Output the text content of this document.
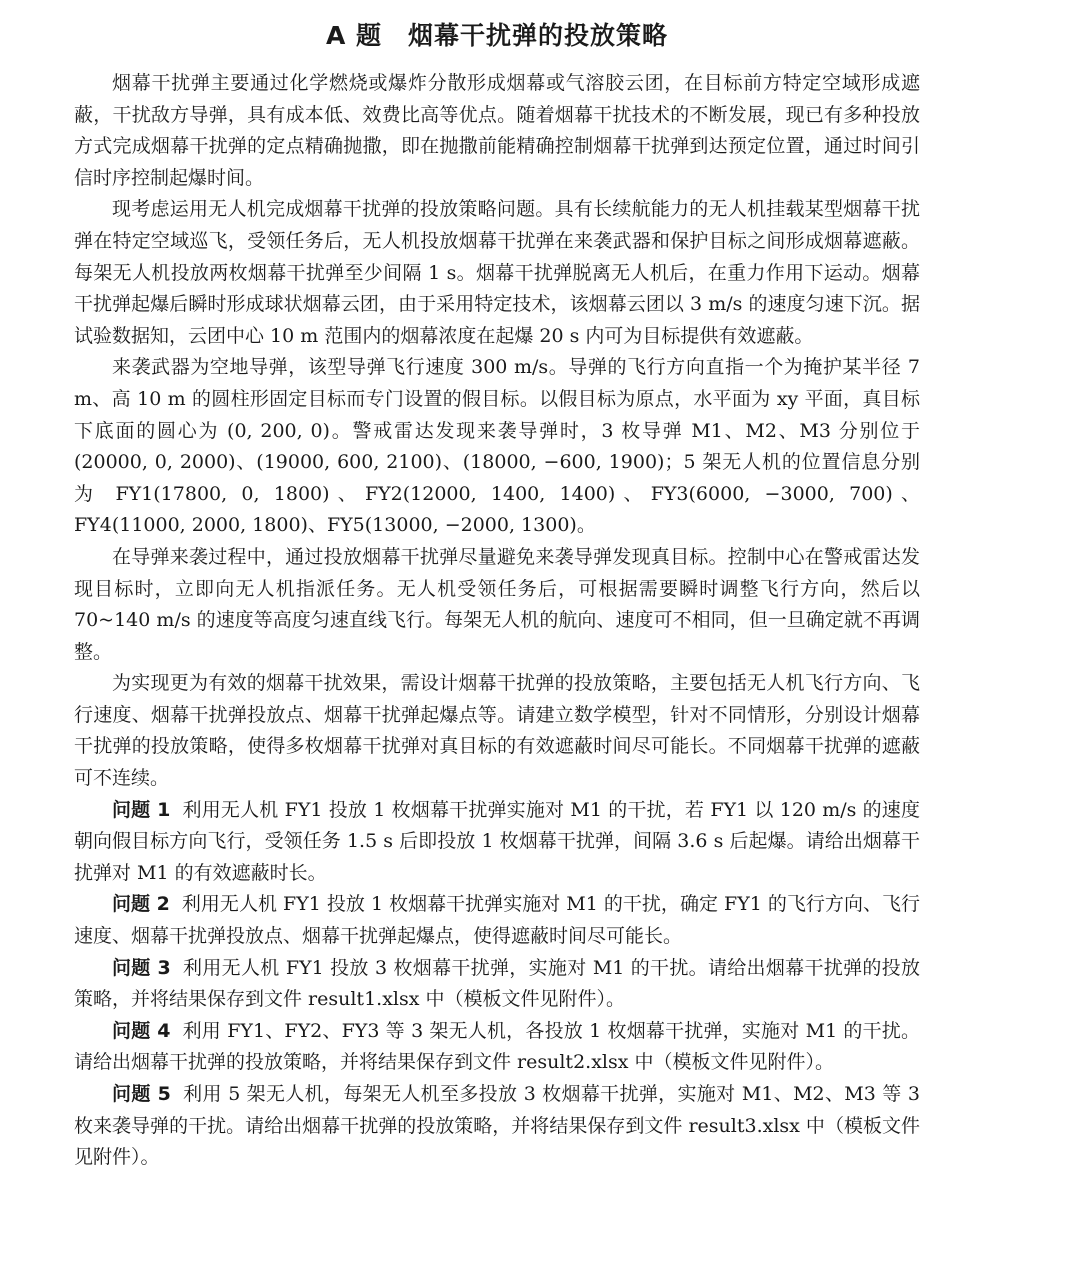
A 题 烟幕干扰弹的投放策略

烟幕干扰弹主要通过化学燃烧或爆炸分散形成烟幕或气溶胶云团，在目标前方特定空域形成遮蔽，干扰敌方导弹，具有成本低、效费比高等优点。随着烟幕干扰技术的不断发展，现已有多种投放方式完成烟幕干扰弹的定点精确抛撒，即在抛撒前能精确控制烟幕干扰弹到达预定位置，通过时间引信时序控制起爆时间。

现考虑运用无人机完成烟幕干扰弹的投放策略问题。具有长续航能力的无人机挂载某型烟幕干扰弹在特定空域巡飞，受领任务后，无人机投放烟幕干扰弹在来袭武器和保护目标之间形成烟幕遮蔽。每架无人机投放两枚烟幕干扰弹至少间隔 1 s。烟幕干扰弹脱离无人机后，在重力作用下运动。烟幕干扰弹起爆后瞬时形成球状烟幕云团，由于采用特定技术，该烟幕云团以 3 m/s 的速度匀速下沉。据试验数据知，云团中心 10 m 范围内的烟幕浓度在起爆 20 s 内可为目标提供有效遮蔽。

来袭武器为空地导弹，该型导弹飞行速度 300 m/s。导弹的飞行方向直指一个为掩护某半径 7 m、高 10 m 的圆柱形固定目标而专门设置的假目标。以假目标为原点，水平面为 xy 平面，真目标下底面的圆心为 (0, 200, 0)。警戒雷达发现来袭导弹时，3 枚导弹 M1、M2、M3 分别位于 (20000, 0, 2000)、(19000, 600, 2100)、(18000, −600, 1900)；5 架无人机的位置信息分别为 FY1(17800, 0, 1800)、FY2(12000, 1400, 1400)、FY3(6000, −3000, 700)、FY4(11000, 2000, 1800)、FY5(13000, −2000, 1300)。

在导弹来袭过程中，通过投放烟幕干扰弹尽量避免来袭导弹发现真目标。控制中心在警戒雷达发现目标时，立即向无人机指派任务。无人机受领任务后，可根据需要瞬时调整飞行方向，然后以 70~140 m/s 的速度等高度匀速直线飞行。每架无人机的航向、速度可不相同，但一旦确定就不再调整。

为实现更为有效的烟幕干扰效果，需设计烟幕干扰弹的投放策略，主要包括无人机飞行方向、飞行速度、烟幕干扰弹投放点、烟幕干扰弹起爆点等。请建立数学模型，针对不同情形，分别设计烟幕干扰弹的投放策略，使得多枚烟幕干扰弹对真目标的有效遮蔽时间尽可能长。不同烟幕干扰弹的遮蔽可不连续。

问题 1 利用无人机 FY1 投放 1 枚烟幕干扰弹实施对 M1 的干扰，若 FY1 以 120 m/s 的速度朝向假目标方向飞行，受领任务 1.5 s 后即投放 1 枚烟幕干扰弹，间隔 3.6 s 后起爆。请给出烟幕干扰弹对 M1 的有效遮蔽时长。

问题 2 利用无人机 FY1 投放 1 枚烟幕干扰弹实施对 M1 的干扰，确定 FY1 的飞行方向、飞行速度、烟幕干扰弹投放点、烟幕干扰弹起爆点，使得遮蔽时间尽可能长。

问题 3 利用无人机 FY1 投放 3 枚烟幕干扰弹，实施对 M1 的干扰。请给出烟幕干扰弹的投放策略，并将结果保存到文件 result1.xlsx 中（模板文件见附件）。

问题 4 利用 FY1、FY2、FY3 等 3 架无人机，各投放 1 枚烟幕干扰弹，实施对 M1 的干扰。请给出烟幕干扰弹的投放策略，并将结果保存到文件 result2.xlsx 中（模板文件见附件）。

问题 5 利用 5 架无人机，每架无人机至多投放 3 枚烟幕干扰弹，实施对 M1、M2、M3 等 3 枚来袭导弹的干扰。请给出烟幕干扰弹的投放策略，并将结果保存到文件 result3.xlsx 中（模板文件见附件）。
